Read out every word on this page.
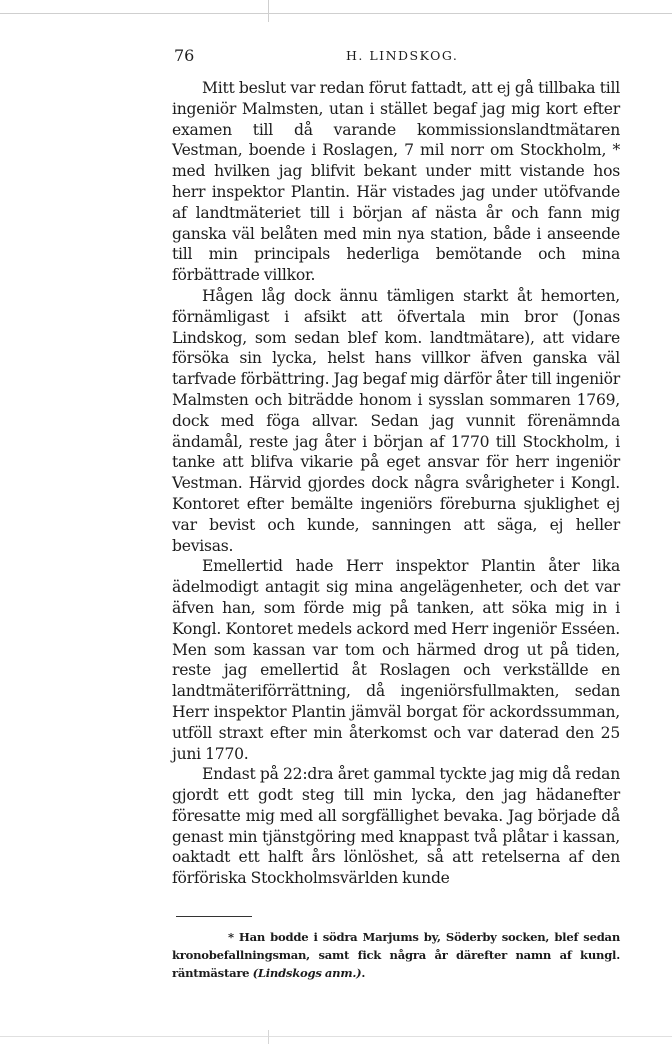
76	H. LINDSKOG.

Mitt beslut var redan förut fattadt, att ej gå tillbaka till ingeniör Malmsten, utan i stället begaf jag mig kort efter examen till då varande kommissionslandtmätaren Vestman, boende i Roslagen, 7 mil norr om Stockholm, * med hvilken jag blifvit bekant under mitt vistande hos herr inspektor Plantin. Här vistades jag under utöfvande af landtmäteriet till i början af nästa år och fann mig ganska väl belåten med min nya station, både i anseende till min principals hederliga bemötande och mina förbättrade villkor.

Hågen låg dock ännu tämligen starkt åt hemorten, förnämligast i afsikt att öfvertala min bror (Jonas Lindskog, som sedan blef kom. landtmätare), att vidare försöka sin lycka, helst hans villkor äfven ganska väl tarfvade förbättring. Jag begaf mig därför åter till ingeniör Malmsten och biträdde honom i sysslan sommaren 1769, dock med föga allvar. Sedan jag vunnit förenämnda ändamål, reste jag åter i början af 1770 till Stockholm, i tanke att blifva vikarie på eget ansvar för herr ingeniör Vestman. Härvid gjordes dock några svårigheter i Kongl. Kontoret efter bemälte ingeniörs föreburna sjuklighet ej var bevist och kunde, sanningen att säga, ej heller bevisas.

Emellertid hade Herr inspektor Plantin åter lika ädelmodigt antagit sig mina angelägenheter, och det var äfven han, som förde mig på tanken, att söka mig in i Kongl. Kontoret medels ackord med Herr ingeniör Esséen. Men som kassan var tom och härmed drog ut på tiden, reste jag emellertid åt Roslagen och verkställde en landtmäteriförrättning, då ingeniörsfullmakten, sedan Herr inspektor Plantin jämväl borgat för ackordssumman, utföll straxt efter min återkomst och var daterad den 25 juni 1770.

Endast på 22:dra året gammal tyckte jag mig då redan gjordt ett godt steg till min lycka, den jag hädanefter föresatte mig med all sorgfällighet bevaka. Jag började då genast min tjänstgöring med knappast två plåtar i kassan, oaktadt ett halft års lönlöshet, så att retelserna af den förföriska Stockholmsvärlden kunde

* Han bodde i södra Marjums by, Söderby socken, blef sedan kronobefallningsman, samt fick några år därefter namn af kungl. räntmästare (Lindskogs anm.).
